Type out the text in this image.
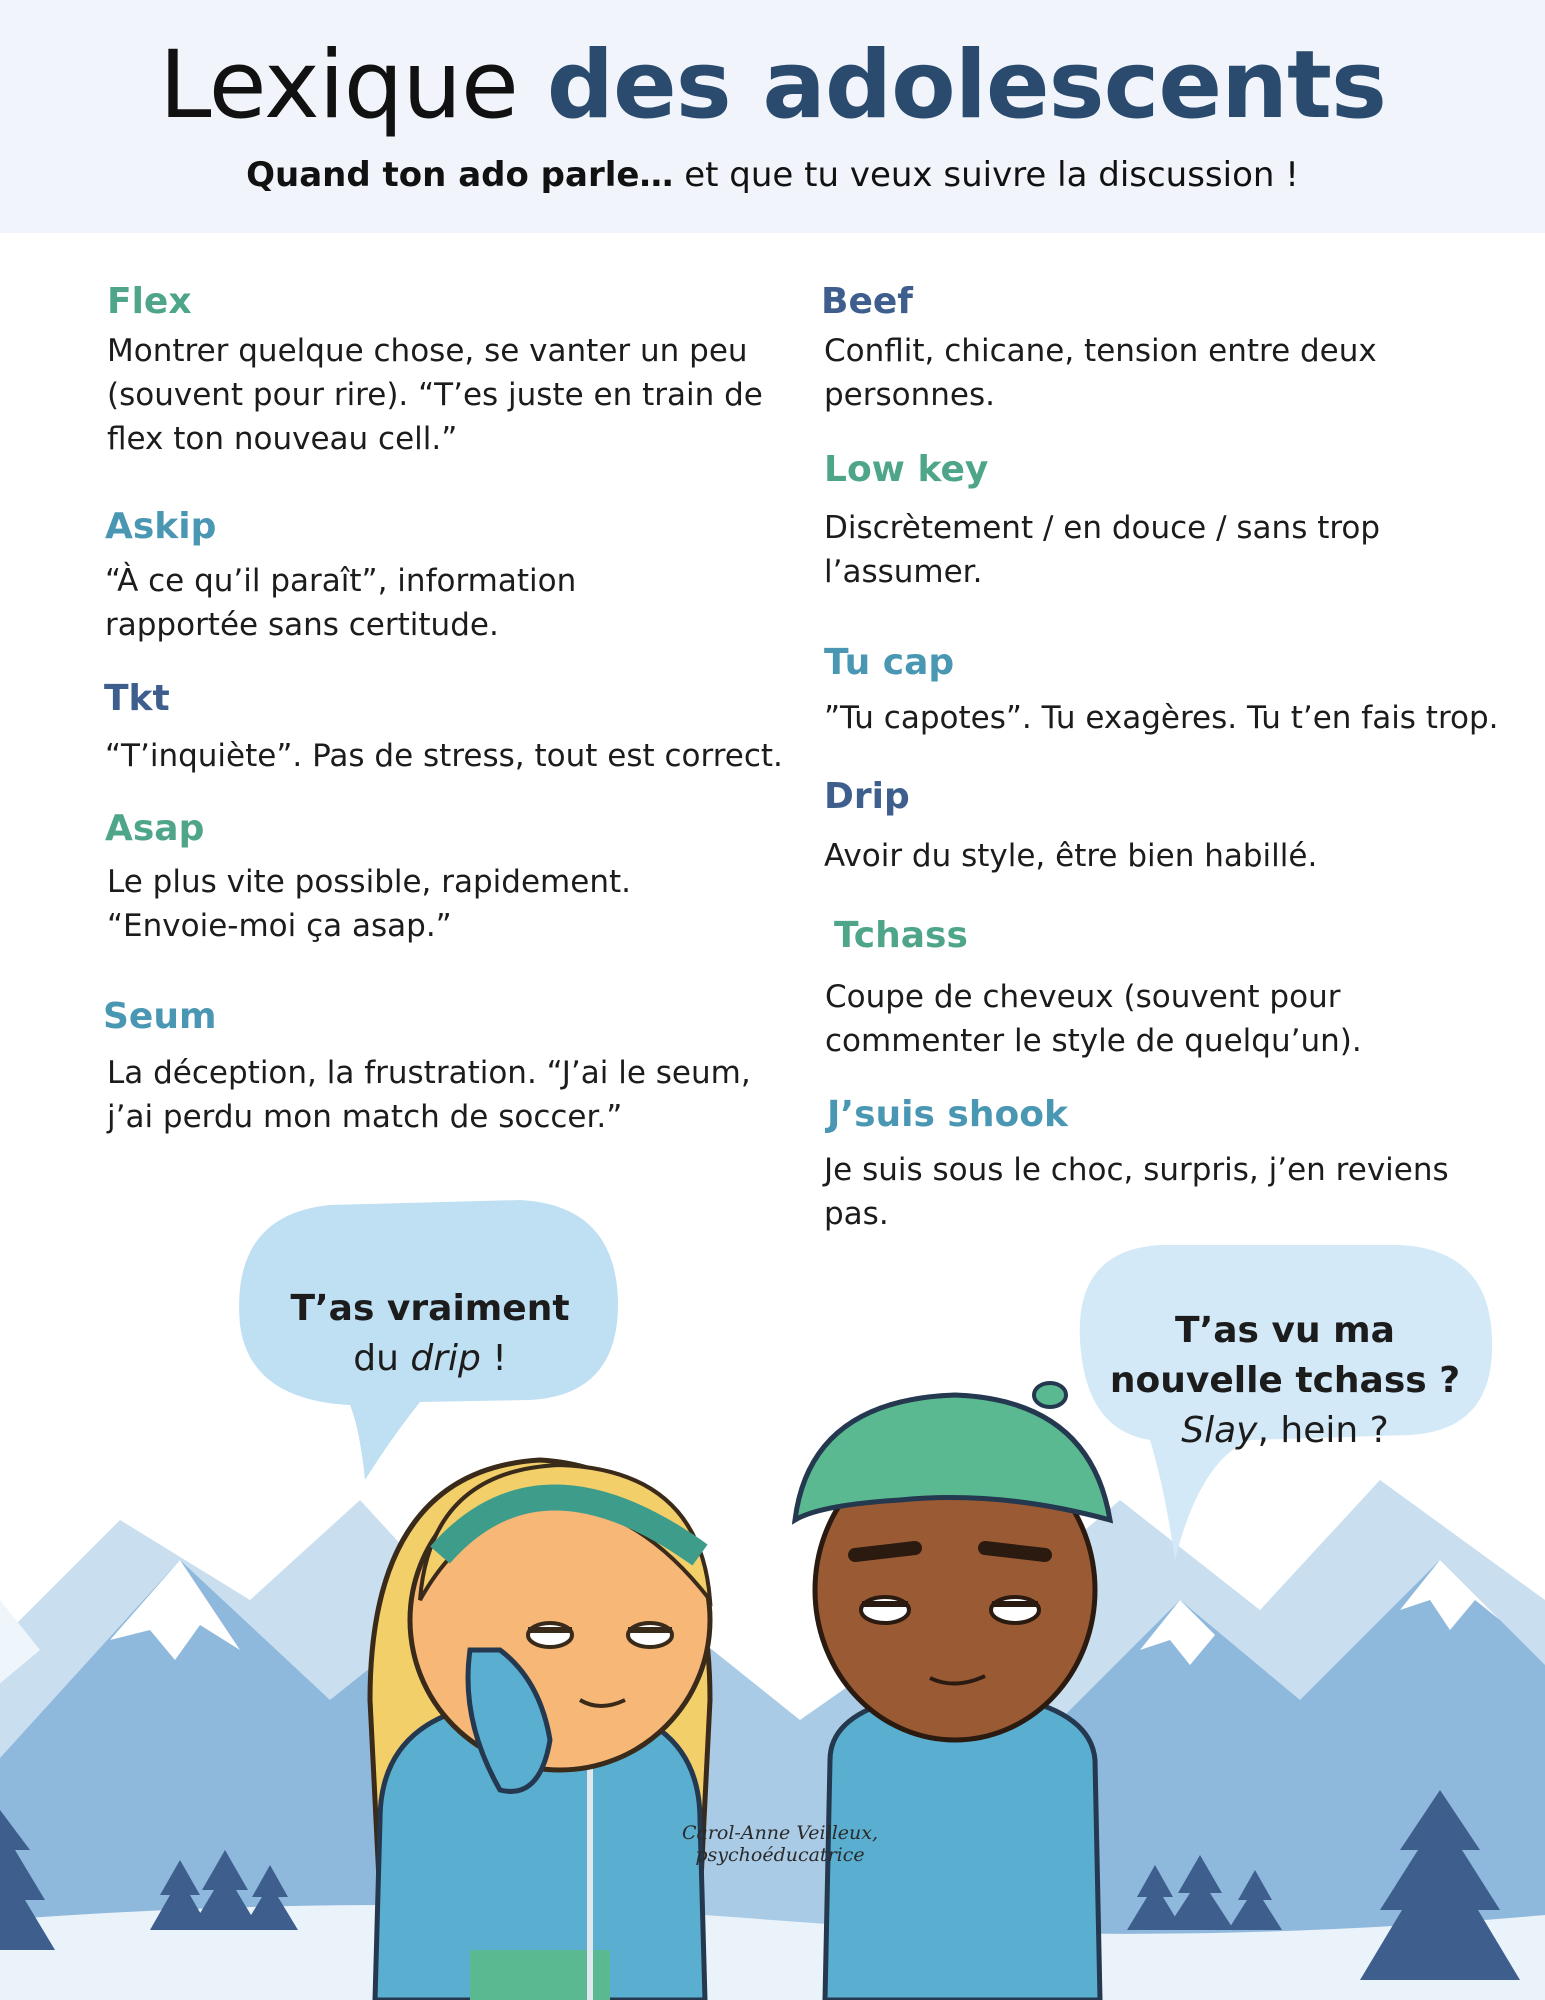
Lexique des adolescents
Quand ton ado parle… et que tu veux suivre la discussion !
Flex
Montrer quelque chose, se vanter un peu
(souvent pour rire). “T’es juste en train de
flex ton nouveau cell.”
Askip
“À ce qu’il paraît”, information
rapportée sans certitude.
Tkt
“T’inquiète”. Pas de stress, tout est correct.
Asap
Le plus vite possible, rapidement.
“Envoie-moi ça asap.”
Seum
La déception, la frustration. “J’ai le seum,
j’ai perdu mon match de soccer.”
Beef
Conflit, chicane, tension entre deux
personnes.
Low key
Discrètement / en douce / sans trop
l’assumer.
Tu cap
”Tu capotes”. Tu exagères. Tu t’en fais trop.
Drip
Avoir du style, être bien habillé.
Tchass
Coupe de cheveux (souvent pour
commenter le style de quelqu’un).
J’suis shook
Je suis sous le choc, surpris, j’en reviens
pas.
T’as vraiment
du drip !
T’as vu ma
nouvelle tchass ?
Slay, hein ?
Carol-Anne Veilleux, psychoéducatrice
